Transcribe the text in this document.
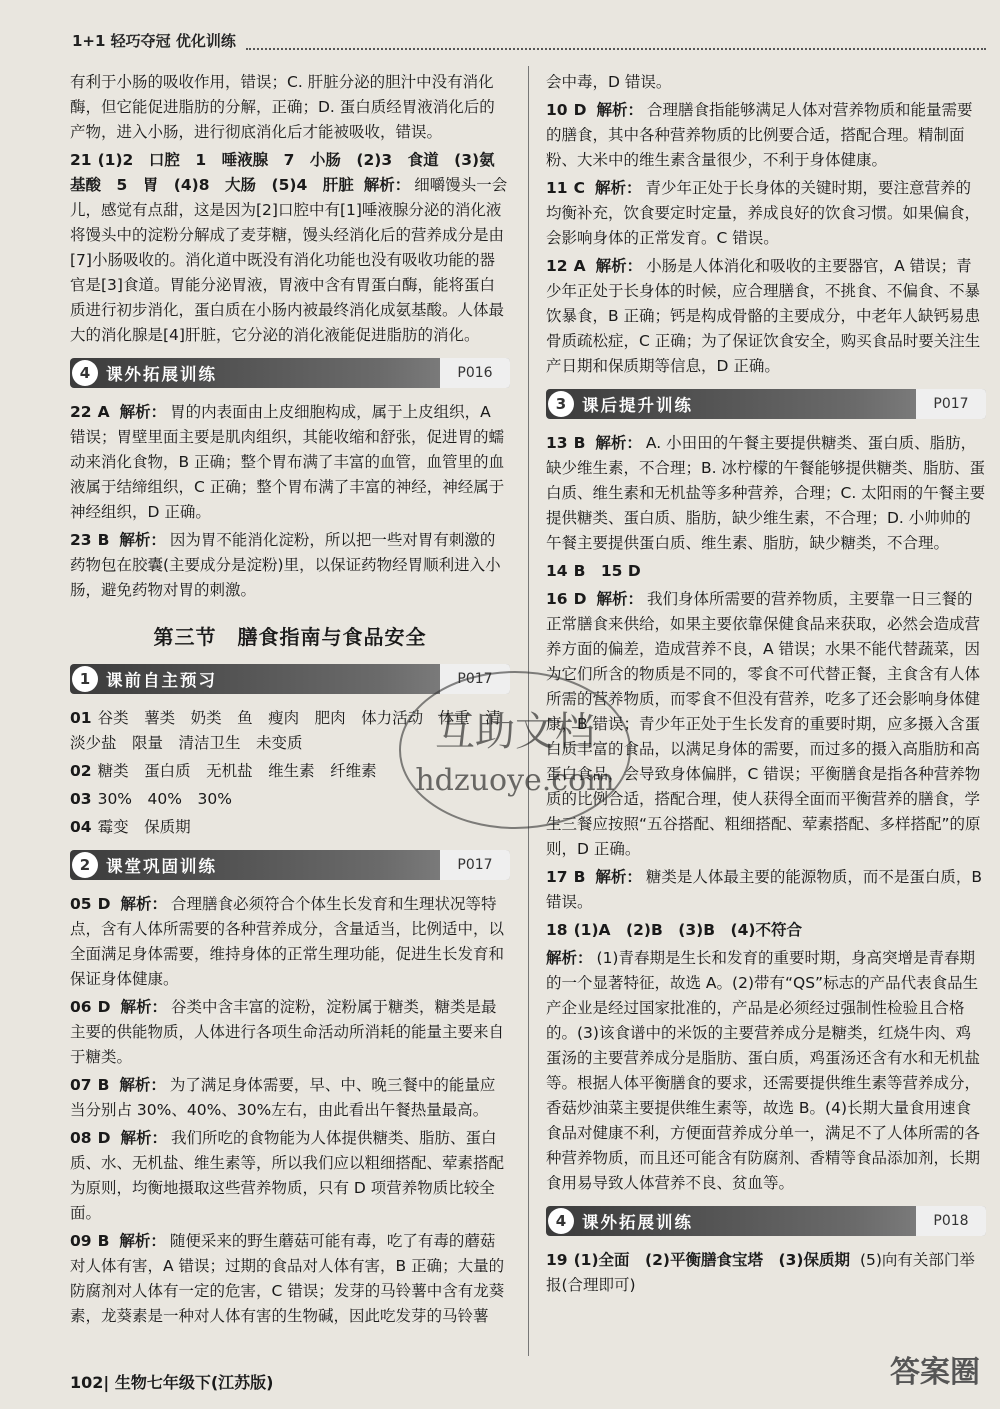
1+1 轻巧夺冠 优化训练

有利于小肠的吸收作用，错误；C. 肝脏分泌的胆汁中没有消化酶，但它能促进脂肪的分解，正确；D. 蛋白质经胃液消化后的产物，进入小肠，进行彻底消化后才能被吸收，错误。

21 (1)2　口腔　1　唾液腺　7　小肠　(2)3　食道　(3)氨基酸　5　胃　(4)8　大肠　(5)4　肝脏 解析： 细嚼馒头一会儿，感觉有点甜，这是因为[2]口腔中有[1]唾液腺分泌的消化液将馒头中的淀粉分解成了麦芽糖，馒头经消化后的营养成分是由[7]小肠吸收的。消化道中既没有消化功能也没有吸收功能的器官是[3]食道。胃能分泌胃液，胃液中含有胃蛋白酶，能将蛋白质进行初步消化，蛋白质在小肠内被最终消化成氨基酸。人体最大的消化腺是[4]肝脏，它分泌的消化液能促进脂肪的消化。

4 课外拓展训练	P016

22 A 解析： 胃的内表面由上皮细胞构成，属于上皮组织，A 错误；胃壁里面主要是肌肉组织，其能收缩和舒张，促进胃的蠕动来消化食物，B 正确；整个胃布满了丰富的血管，血管里的血液属于结缔组织，C 正确；整个胃布满了丰富的神经，神经属于神经组织，D 正确。

23 B 解析： 因为胃不能消化淀粉，所以把一些对胃有刺激的药物包在胶囊(主要成分是淀粉)里，以保证药物经胃顺利进入小肠，避免药物对胃的刺激。

第三节　膳食指南与食品安全
1 课前自主预习	P017

01 谷类　薯类　奶类　鱼　瘦肉　肥肉　体力活动　体重　清淡少盐　限量　清洁卫生　未变质

02 糖类　蛋白质　无机盐　维生素　纤维素

03 30%　40%　30%

04 霉变　保质期

2 课堂巩固训练	P017

05 D 解析： 合理膳食必须符合个体生长发育和生理状况等特点，含有人体所需要的各种营养成分，含量适当，比例适中，以全面满足身体需要，维持身体的正常生理功能，促进生长发育和保证身体健康。

06 D 解析： 谷类中含丰富的淀粉，淀粉属于糖类，糖类是最主要的供能物质，人体进行各项生命活动所消耗的能量主要来自于糖类。

07 B 解析： 为了满足身体需要，早、中、晚三餐中的能量应当分别占 30%、40%、30%左右，由此看出午餐热量最高。

08 D 解析： 我们所吃的食物能为人体提供糖类、脂肪、蛋白质、水、无机盐、维生素等，所以我们应以粗细搭配、荤素搭配为原则，均衡地摄取这些营养物质，只有 D 项营养物质比较全面。

09 B 解析： 随便采来的野生蘑菇可能有毒，吃了有毒的蘑菇对人体有害，A 错误；过期的食品对人体有害，B 正确；大量的防腐剂对人体有一定的危害，C 错误；发芽的马铃薯中含有龙葵素，龙葵素是一种对人体有害的生物碱，因此吃发芽的马铃薯

会中毒，D 错误。

10 D 解析： 合理膳食指能够满足人体对营养物质和能量需要的膳食，其中各种营养物质的比例要合适，搭配合理。精制面粉、大米中的维生素含量很少，不利于身体健康。

11 C 解析： 青少年正处于长身体的关键时期，要注意营养的均衡补充，饮食要定时定量，养成良好的饮食习惯。如果偏食，会影响身体的正常发育。C 错误。

12 A 解析： 小肠是人体消化和吸收的主要器官，A 错误；青少年正处于长身体的时候，应合理膳食，不挑食、不偏食、不暴饮暴食，B 正确；钙是构成骨骼的主要成分，中老年人缺钙易患骨质疏松症，C 正确；为了保证饮食安全，购买食品时要关注生产日期和保质期等信息，D 正确。

3 课后提升训练	P017

13 B 解析： A. 小田田的午餐主要提供糖类、蛋白质、脂肪，缺少维生素，不合理；B. 冰柠檬的午餐能够提供糖类、脂肪、蛋白质、维生素和无机盐等多种营养，合理；C. 太阳雨的午餐主要提供糖类、蛋白质、脂肪，缺少维生素，不合理；D. 小帅帅的午餐主要提供蛋白质、维生素、脂肪，缺少糖类，不合理。

14 B　15 D

16 D 解析： 我们身体所需要的营养物质，主要靠一日三餐的正常膳食来供给，如果主要依靠保健食品来获取，必然会造成营养方面的偏差，造成营养不良，A 错误；水果不能代替蔬菜，因为它们所含的物质是不同的，零食不可代替正餐，主食含有人体所需的营养物质，而零食不但没有营养，吃多了还会影响身体健康，B 错误；青少年正处于生长发育的重要时期，应多摄入含蛋白质丰富的食品，以满足身体的需要，而过多的摄入高脂肪和高蛋白食品，会导致身体偏胖，C 错误；平衡膳食是指各种营养物质的比例合适，搭配合理，使人获得全面而平衡营养的膳食，学生三餐应按照“五谷搭配、粗细搭配、荤素搭配、多样搭配”的原则，D 正确。

17 B 解析： 糖类是人体最主要的能源物质，而不是蛋白质，B 错误。

18 (1)A　(2)B　(3)B　(4)不符合

解析： (1)青春期是生长和发育的重要时期，身高突增是青春期的一个显著特征，故选 A。(2)带有“QS”标志的产品代表食品生产企业是经过国家批准的，产品是必须经过强制性检验且合格的。(3)该食谱中的米饭的主要营养成分是糖类，红烧牛肉、鸡蛋汤的主要营养成分是脂肪、蛋白质，鸡蛋汤还含有水和无机盐等。根据人体平衡膳食的要求，还需要提供维生素等营养成分，香菇炒油菜主要提供维生素等，故选 B。(4)长期大量食用速食食品对健康不利，方便面营养成分单一，满足不了人体所需的各种营养物质，而且还可能含有防腐剂、香精等食品添加剂，长期食用易导致人体营养不良、贫血等。

4 课外拓展训练	P018

19 (1)全面　(2)平衡膳食宝塔　(3)保质期 (5)向有关部门举报(合理即可)

互助文档
hdzuoye.com
102| 生物七年级下(江苏版)	答案圈
